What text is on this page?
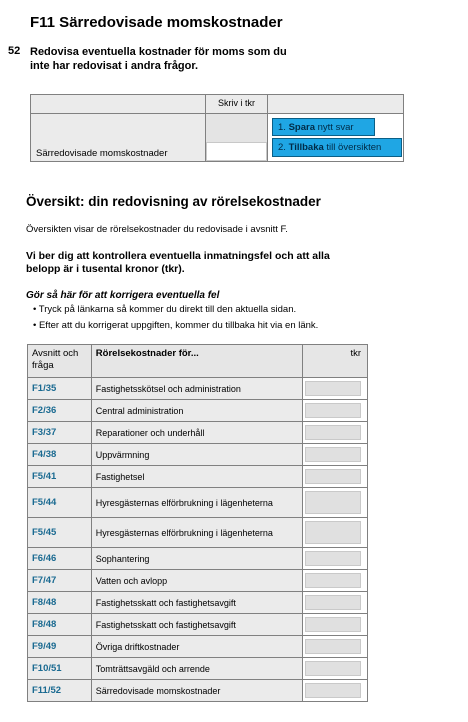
F11 Särredovisade momskostnader
52 Redovisa eventuella kostnader för moms som du inte har redovisat i andra frågor.
Skriv i tkr
Särredovisade momskostnader
1. Spara nytt svar
2. Tillbaka till översikten
Översikt: din redovisning av rörelsekostnader
Översikten visar de rörelsekostnader du redovisade i avsnitt F.
Vi ber dig att kontrollera eventuella inmatningsfel och att alla belopp är i tusental kronor (tkr).
Gör så här för att korrigera eventuella fel
• Tryck på länkarna så kommer du direkt till den aktuella sidan.
• Efter att du korrigerat uppgiften, kommer du tillbaka hit via en länk.
Avsnitt och fråga	Rörelsekostnader för...	tkr
F1/35	Fastighetsskötsel och administration	

F2/36	Central administration	

F3/37	Reparationer och underhåll	

F4/38	Uppvärmning	

F5/41	Fastighetsel	

F5/44	Hyresgästernas elförbrukning i lägenheterna	

F5/45	Hyresgästernas elförbrukning i lägenheterna	

F6/46	Sophantering	

F7/47	Vatten och avlopp	

F8/48	Fastighetsskatt och fastighetsavgift	

F8/48	Fastighetsskatt och fastighetsavgift	

F9/49	Övriga driftkostnader	

F10/51	Tomträttsavgäld och arrende	

F11/52	Särredovisade momskostnader	
